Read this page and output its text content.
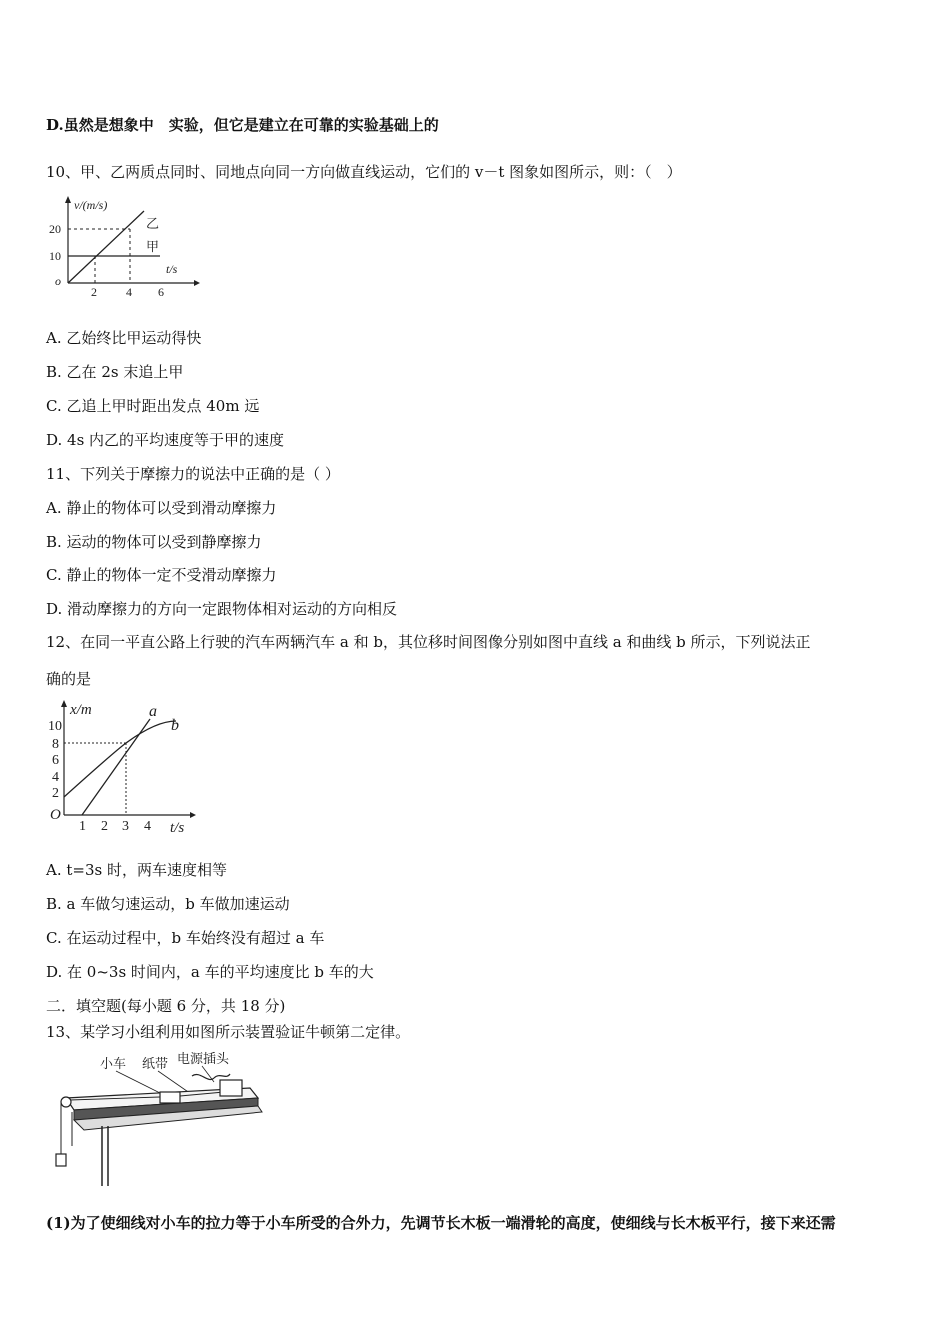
D.虽然是想象中　实验，但它是建立在可靠的实验基础上的
10、甲、乙两质点同时、同地点向同一方向做直线运动，它们的 v－t 图象如图所示，则：（　）
v/(m/s)
t/s
o
20
10
乙
甲
2 4 6
A. 乙始终比甲运动得快
B. 乙在 2s 末追上甲
C. 乙追上甲时距出发点 40m 远
D. 4s 内乙的平均速度等于甲的速度
11、下列关于摩擦力的说法中正确的是（ ）
A. 静止的物体可以受到滑动摩擦力
B. 运动的物体可以受到静摩擦力
C. 静止的物体一定不受滑动摩擦力
D. 滑动摩擦力的方向一定跟物体相对运动的方向相反
12、在同一平直公路上行驶的汽车两辆汽车 a 和 b，其位移时间图像分别如图中直线 a 和曲线 b 所示，下列说法正
确的是
x/m
t/s
O
10
8
6
4
2
a
b
1 2 3 4
A. t=3s 时，两车速度相等
B. a 车做匀速运动，b 车做加速运动
C. 在运动过程中，b 车始终没有超过 a 车
D. 在 0~3s 时间内，a 车的平均速度比 b 车的大
二．填空题(每小题 6 分，共 18 分)
13、某学习小组利用如图所示装置验证牛顿第二定律。
小车 纸带 电源插头
(1)为了使细线对小车的拉力等于小车所受的合外力，先调节长木板一端滑轮的高度，使细线与长木板平行，接下来还需
